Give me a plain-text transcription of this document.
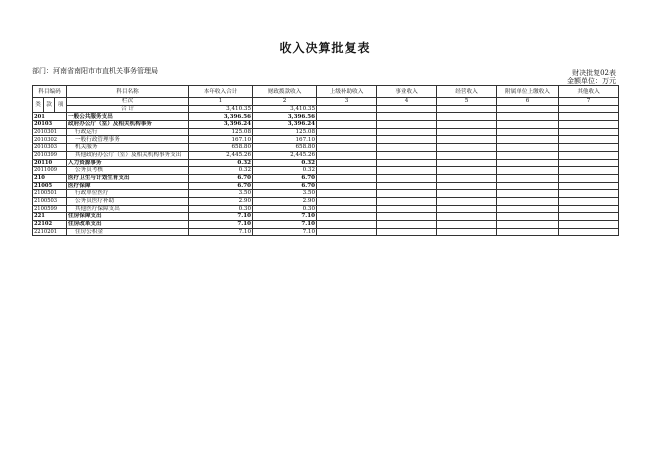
收入决算批复表
部门：河南省南阳市市直机关事务管理局	财决批复02表
金额单位：万元
科目编码			科目名称	本年收入合计	财政拨款收入	上级补助收入	事业收入	经营收入	附属单位上缴收入	其他收入
类	款	项								
			栏次	1	2	3	4	5	6	7
			合 计	3,410.35	3,410.35					
201			一般公共服务支出	3,396.56	3,396.56					
20103			政府办公厅（室）及相关机构事务	3,396.24	3,396.24					
2010301			行政运行	125.08	125.08					
2010302			一般行政管理事务	167.10	167.10					
2010303			机关服务	658.80	658.80					
2010399			其他政府办公厅（室）及相关机构事务支出	2,445.26	2,445.26					
20110			人力资源事务	0.32	0.32					
2011009			公务员考核	0.32	0.32					
210			医疗卫生与计划生育支出	6.70	6.70					
21005			医疗保障	6.70	6.70					
2100501			行政单位医疗	3.50	3.50					
2100503			公务员医疗补助	2.90	2.90					
2100599			其他医疗保障支出	0.30	0.30					
221			住房保障支出	7.10	7.10					
22102			住房改革支出	7.10	7.10					
2210201			住房公积金	7.10	7.10					
